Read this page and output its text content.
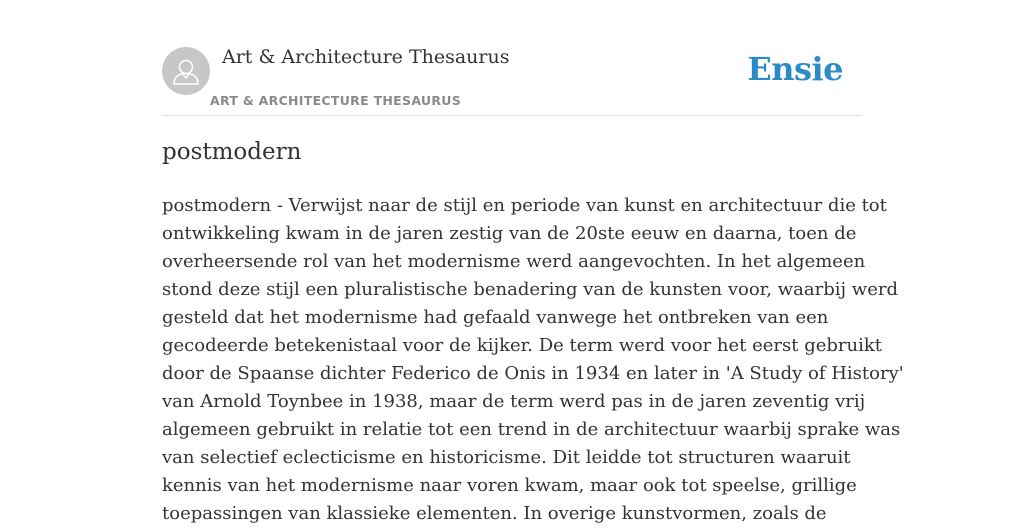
Art & Architecture Thesaurus
ART & ARCHITECTURE THESAURUS
Ensie
postmodern

postmodern - Verwijst naar de stijl en periode van kunst en architectuur die tot
ontwikkeling kwam in de jaren zestig van de 20ste eeuw en daarna, toen de
overheersende rol van het modernisme werd aangevochten. In het algemeen
stond deze stijl een pluralistische benadering van de kunsten voor, waarbij werd
gesteld dat het modernisme had gefaald vanwege het ontbreken van een
gecodeerde betekenistaal voor de kijker. De term werd voor het eerst gebruikt
door de Spaanse dichter Federico de Onis in 1934 en later in 'A Study of History'
van Arnold Toynbee in 1938, maar de term werd pas in de jaren zeventig vrij
algemeen gebruikt in relatie tot een trend in de architectuur waarbij sprake was
van selectief eclecticisme en historicisme. Dit leidde tot structuren waaruit
kennis van het modernisme naar voren kwam, maar ook tot speelse, grillige
toepassingen van klassieke elementen. In overige kunstvormen, zoals de
